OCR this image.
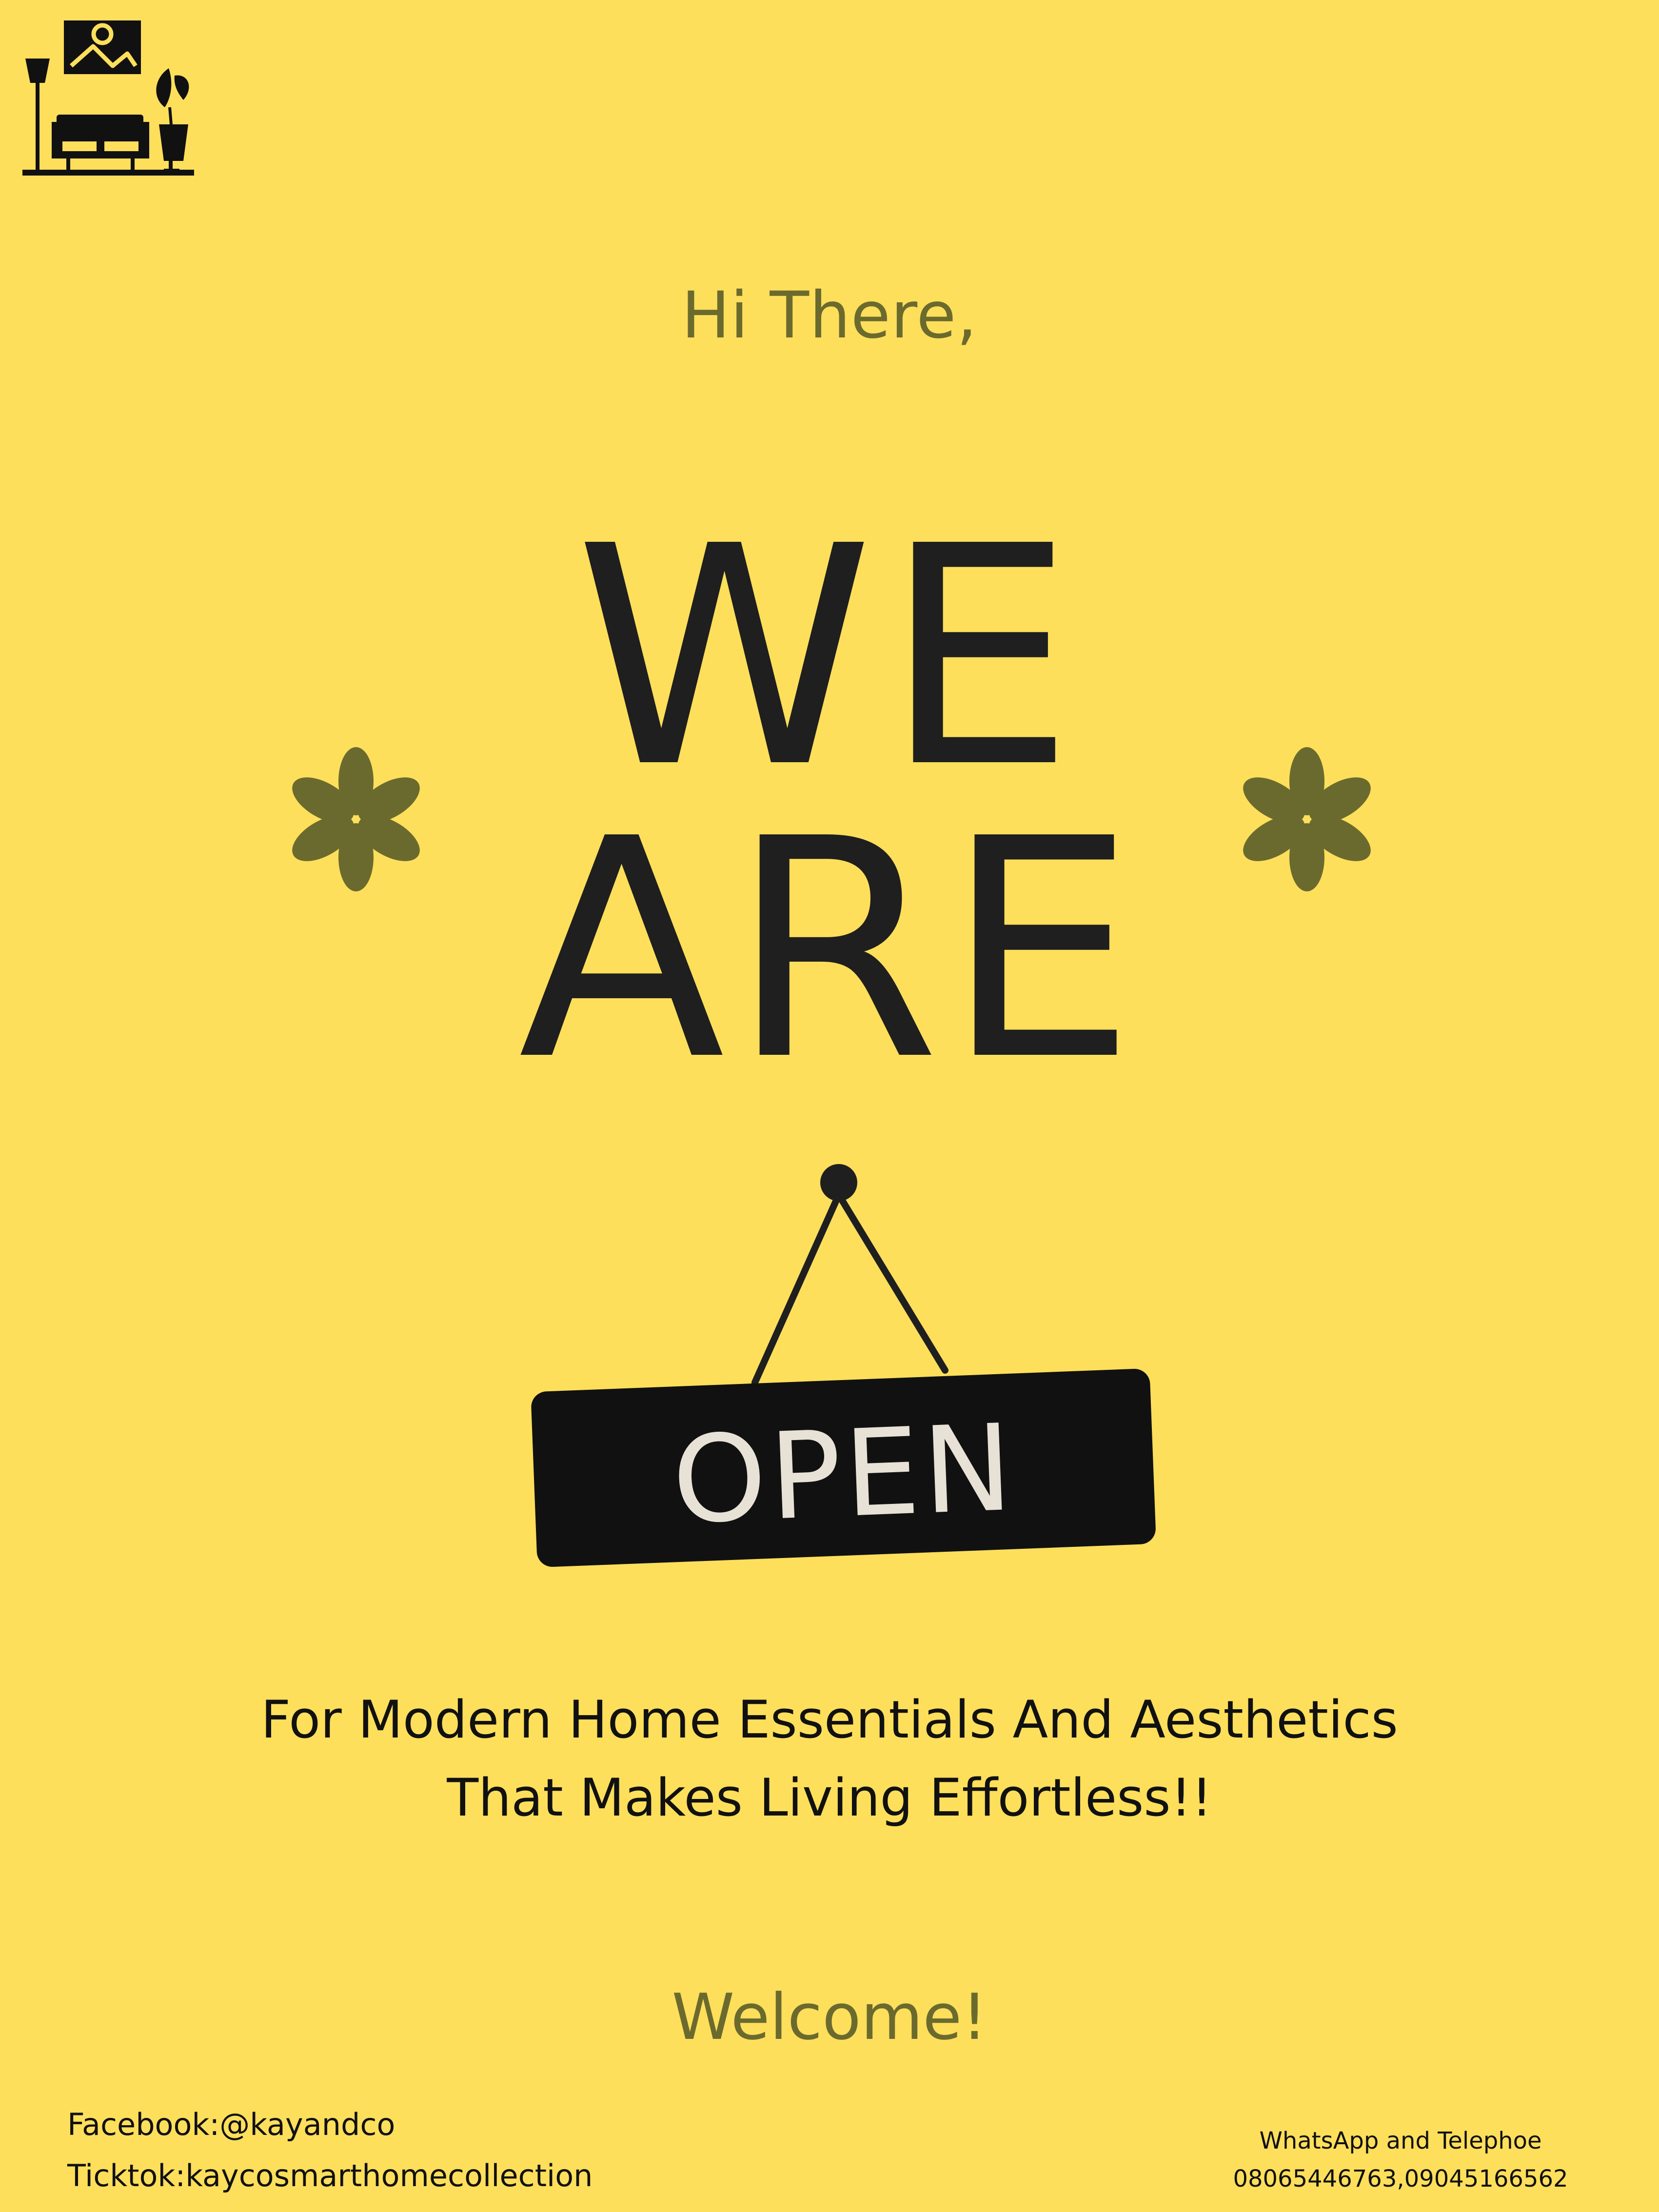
Hi There,
WE
ARE
OPEN
For Modern Home Essentials And Aesthetics
That Makes Living Effortless!!
Welcome!
Facebook:@kayandco
Ticktok:kaycosmarthomecollection
WhatsApp and Telephoe
08065446763,09045166562
